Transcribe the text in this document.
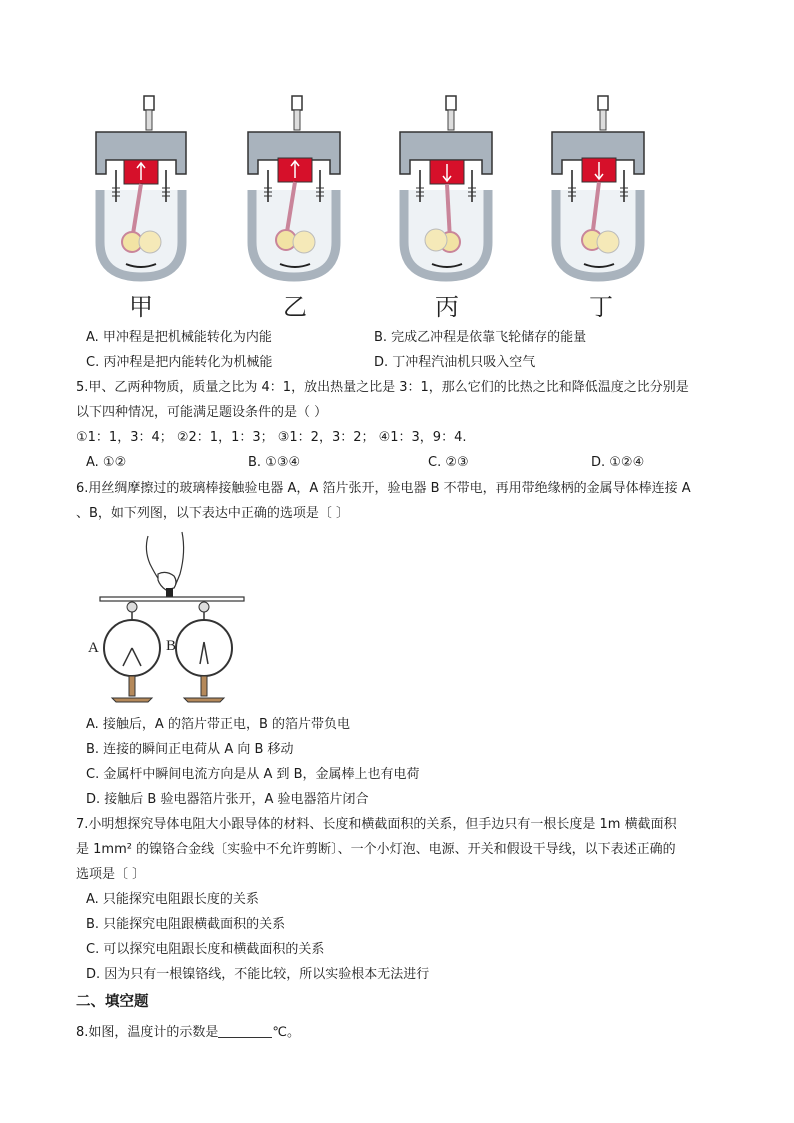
甲	乙	丙	丁
A. 甲冲程是把机械能转化为内能	B. 完成乙冲程是依靠飞轮储存的能量
C. 丙冲程是把内能转化为机械能	D. 丁冲程汽油机只吸入空气
5.甲、乙两种物质，质量之比为 4：1，放出热量之比是 3：1，那么它们的比热之比和降低温度之比分别是
以下四种情况，可能满足题设条件的是（ ）
①1：1，3：4； ②2：1，1：3； ③1：2，3：2； ④1：3，9：4.
A. ①②	B. ①③④	C. ②③	D. ①②④
6.用丝绸摩擦过的玻璃棒接触验电器 A，A 箔片张开，验电器 B 不带电，再用带绝缘柄的金属导体棒连接 A
、B，如下列图，以下表达中正确的选项是〔 〕
A	B
A. 接触后，A 的箔片带正电，B 的箔片带负电
B. 连接的瞬间正电荷从 A 向 B 移动
C. 金属杆中瞬间电流方向是从 A 到 B，金属棒上也有电荷
D. 接触后 B 验电器箔片张开，A 验电器箔片闭合
7.小明想探究导体电阻大小跟导体的材料、长度和横截面积的关系，但手边只有一根长度是 1m 横截面积
是 1mm² 的镍铬合金线〔实验中不允许剪断〕、一个小灯泡、电源、开关和假设干导线，以下表述正确的
选项是〔 〕
A. 只能探究电阻跟长度的关系
B. 只能探究电阻跟横截面积的关系
C. 可以探究电阻跟长度和横截面积的关系
D. 因为只有一根镍铬线，不能比较，所以实验根本无法进行
二、填空题
8.如图，温度计的示数是	℃。
